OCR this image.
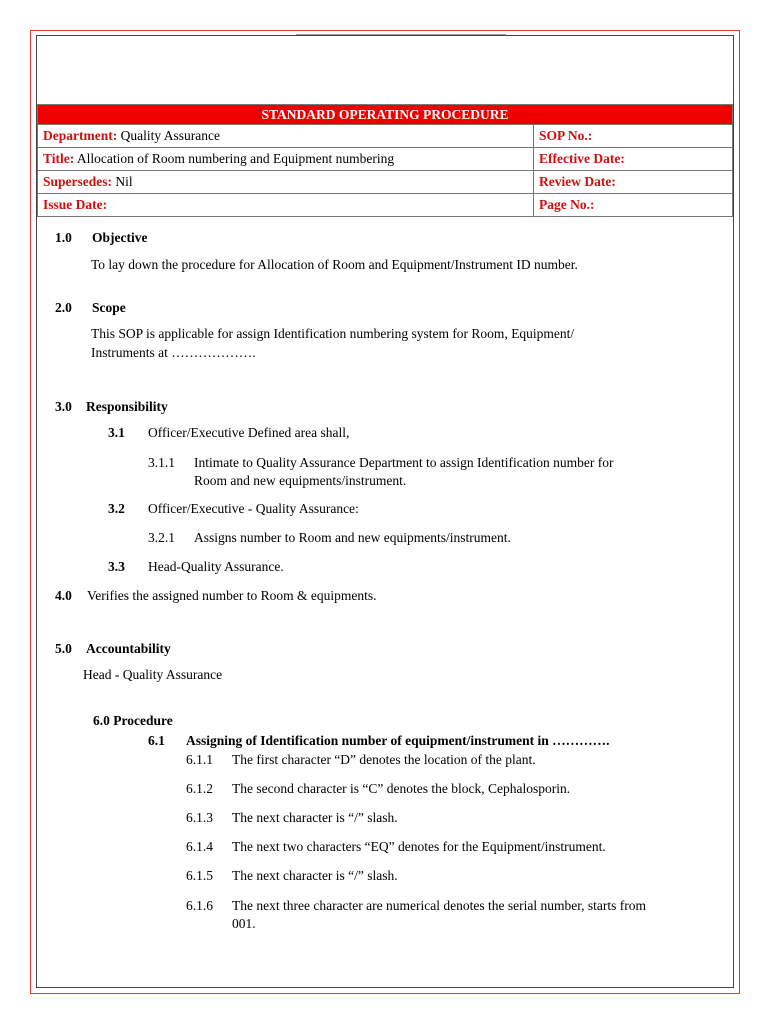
STANDARD OPERATING PROCEDURE	
Department: Quality Assurance	SOP No.:
Title: Allocation of Room numbering and Equipment numbering	Effective Date:
Supersedes: Nil	Review Date:
Issue Date:	Page No.:
1.0 Objective
To lay down the procedure for Allocation of Room and Equipment/Instrument ID number.
2.0 Scope
This SOP is applicable for assign Identification numbering system for Room, Equipment/
Instruments at ……………….
3.0 Responsibility
3.1 Officer/Executive Defined area shall,
3.1.1 Intimate to Quality Assurance Department to assign Identification number for
Room and new equipments/instrument.
3.2 Officer/Executive - Quality Assurance:
3.2.1 Assigns number to Room and new equipments/instrument.
3.3 Head-Quality Assurance.
4.0 Verifies the assigned number to Room & equipments.
5.0 Accountability
Head - Quality Assurance
6.0 Procedure
6.1 Assigning of Identification number of equipment/instrument in ………….
6.1.1 The first character “D” denotes the location of the plant.
6.1.2 The second character is “C” denotes the block, Cephalosporin.
6.1.3 The next character is “/” slash.
6.1.4 The next two characters “EQ” denotes for the Equipment/instrument.
6.1.5 The next character is “/” slash.
6.1.6 The next three character are numerical denotes the serial number, starts from
001.
